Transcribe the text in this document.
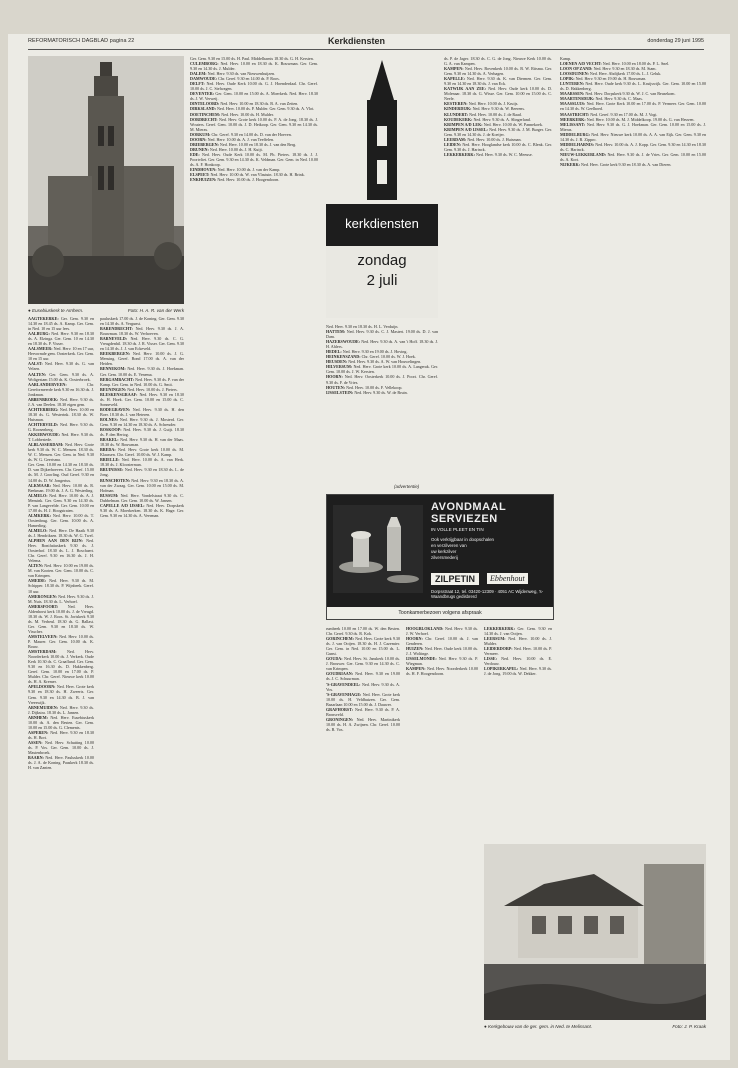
REFORMATORISCH DAGBLAD pagina 22	Kerkdiensten	donderdag 29 juni 1995
● Eusebiuskerk te Arnhem.	Foto: H. A. R. van der Werk
kerkdiensten
zondag
2 juli

AAGTEKERKE: Ger. Gem. 9.30 en 14.30 en 18.45 ds. A. Kamp. Ger. Gem. in Ned. 10 en 15 uur lees.

AALBURG: Ned. Herv. 9.30 en 18.30 ds. A. Elzinga. Ger. Gem. 10 en 14.30 en 18.30 ds. P. Visser.

AALSMEER: Ned. Herv. 10 en 17 uur, Hervormde gem. Oosterkerk. Ger. Gem. 10 en 15 uur.

AALST: Ned. Herv. 9.30 ds. G. van Velzen.

AALTEN: Ger. Gem. 9.30 ds. A. Woltgestam 15.00 ds. K. Oosterbroek.

AARLANDERVEEN:	Chr. Gereformeerde kerk 9.30 en 16.30 ds. J. Jonkman.

ABBENBROEK: Ned. Herv. 9.30 ds. J. A. van Deelen. 18.30 eigen gem.

ACHTERBERG: Ned. Herv. 10.00 en 18.30 ds. G. Westerink. 18.30 ds. W. Huisman.

ACHTERVELD: Ned. Herv. 9.30 ds. G. Roosenberg.

AKKERWOUDE: Ned. Herv. 9.30 ds. T. Lobbestede.

ALBLASSERDAM: Ned. Herv. Grote kerk 9.30 ds. W. C. Mensen. 18.30 ds. W. C. Mensen. Ger. Gem. in Ned. 9.30 ds. W. G. Geertsma.

Ger. Gem. 10.00 en 14.30 en 18.30 ds. D. van Dijkerhoeven. Chr. Geref. 15.00 ds. M. J. Goorling. Oud Geref. 9.30 en 14.00 ds. D. W. Jongerius.

ALKMAAR: Ned. Herv. 10.00 ds. R. Beekman. 19.00 ds. J. A. G. Westerling.

ALMELO: Ned. Herv. 10.00 ds. A. J. Mensink. Ger. Gem. 9.30 en 14.30 ds. P. van Langevelde. Ger. Gem. 10.00 en 17.00 ds. H. J. Hoogstraten.

ALMKERK: Ned. Herv. 10.00 ds. T. Oostenbrug. Ger. Gem. 10.00 ds. A. Hamerling.

ALMELO: Ned. Herv. De Haaik 9.30 ds. J. Hendriksen. 18.30 ds. W. G. Twel.

ALPHEN AAN DEN RIJN: Ned. Herv. Bonifatiuskerk 9.30 ds. J. Oosterhof. 18.30 ds. L. J. Boschaert. Chr. Geref. 9.30 en 16.30 ds. J. H. Velema.

ALTEN: Ned. Herv. 10.00 en 19.00 ds. M. van Kooten. Ger. Gem. 10.00 ds. C. van Krimpen.

AMEIDE: Ned. Herv. 9.30 ds. M. Schipper. 18.30 ds. P. Wijnbeek. Geref. 10 uur.

AMERONGEN: Ned. Herv. 9.30 ds. J. M. Nuis. 18.30 ds. L. Verhoef.

AMERSFOORT: Ned. Herv. Aldenhorst kerk 10.00 ds. J. de Vreugd. 18.30 ds. W. J. Roos. St. Joriskerk 9.30 ds. M. Verheul. 18.30 ds. G. Ballast. Ger. Gem. 9.30 en 18.30 ds. W. Visscher.

AMSTELVEEN: Ned. Herv. 10.00 ds. P. Maurer. Ger. Gem. 10.00 ds. K. Bouw.

AMSTERDAM:	Ned. Herv. Noorderkerk 10.00 ds. J. Verkerk. Oude Kerk 10.30 ds. C. Graafland. Ger. Gem. 9.30 en 16.30 ds. D. Hakkenberg. Geref. Gem. 10.00 en 17.00 ds. P. Mulder. Chr. Geref. Nieuwe kerk 10.00 ds. H. A. Kremer.

APELDOORN: Ned. Herv. Grote kerk 9.30 en 18.30 ds. H. Zweerts. Ger. Gem. 9.30 en 14.30 ds. B. J. van Vreeswijk.

ARNEMUIDEN: Ned. Herv. 9.30 ds. J. Dijkstra. 18.30 ds. L. Jansen.

ARNHEM: Ned. Herv. Eusebiuskerk 10.00 ds. A. den Besten. Ger. Gem. 10.00 en 15.00 ds. G. Clements.

ASPEREN: Ned. Herv. 9.30 en 18.30 ds. H. Bort.

ASSEN: Ned. Herv. Schutting 10.00 ds. P. Vos. Ger. Gem. 10.00 ds. J. Mastenbroek.

BAARN: Ned. Herv. Pauluskerk 10.00 ds. J. A. de Koning. Paaskerk 18.30 ds. H. van Zanten.

pauluskerk 17.00 ds. J. de Koning. Ger. Gem. 9.30 en 14.30 ds. A. Vergunst.

BARENDRECHT: Ned. Herv. 9.30 ds. J. A. Bouwman. 18.30 ds. W. Verhoeven.

BARNEVELD: Ned. Herv. 9.30 ds. C. G. Vreugdenhil. 18.30 ds. J. R. Visser. Ger. Gem. 9.30 en 14.30 ds. J. J. van Eckeveld.

BEEKBERGEN: Ned. Herv. 10.00 ds. J. G. Mensing. Geref. Bond 17.00 ds. A. van der Heiden.

BENNEKOM: Ned. Herv. 9.30 ds. J. Hoekman. Ger. Gem. 10.00 ds. E. Venema.

BERGAMBACHT: Ned. Herv. 9.30 ds. P. van der Kamp. Ger. Gem. in Ned. 10.00 ds. G. Smit.

BEUNINGEN: Ned. Herv. 10.00 ds. J. Pieters.

BLESKENSGRAAF: Ned. Herv. 9.30 en 18.30 ds. H. Hoek. Ger. Gem. 10.00 en 15.00 ds. C. Sonneveld.

BODEGRAVEN: Ned. Herv. 9.30 ds. H. den Boer. 18.30 ds. J. van Heteren.

BOLNES: Ned. Herv. 9.30 ds. J. Mosterd. Ger. Gem. 9.30 en 14.30 en 18.30 ds. A. Schreuder.

BOSKOOP: Ned. Herv. 9.30 ds. J. Guijt. 18.30 ds. P. den Hertog.

BRAKEL: Ned. Herv. 9.30 ds. H. van der Maas. 18.30 ds. W. Bouwman.

BREDA: Ned. Herv. Grote kerk 10.00 ds. M. Klaassen. Chr. Geref. 10.00 ds. W. J. Kamp.

BRIELLE: Ned. Herv. 10.00 ds. A. van Herk. 18.30 ds. J. Kloosterman.

BRUINISSE: Ned. Herv. 9.30 en 18.30 ds. L. de Jong.

BUNSCHOTEN: Ned. Herv. 9.30 en 18.30 ds. A. van der Zwaag. Ger. Gem. 10.00 en 15.00 ds. M. Hofman.

BUSSUM: Ned. Herv. Vondelstraat 9.30 ds. C. Dubbelman. Ger. Gem. 10.00 ds. W. Jansen.

CAPELLE A/D IJSSEL: Ned. Herv. Dorpskerk 9.30 ds. A. Moerkerken. 18.30 ds. K. Hage. Ger. Gem. 9.30 en 14.30 ds. A. Veerman.

Ger. Gem. 9.30 en 15.00 ds. H. Paul. Middelharnis 18.30 ds. G. H. Kersten.

CULEMBORG: Ned. Herv. 10.00 en 18.30 ds. K. Bouwman. Ger. Gem. 9.30 en 14.30 ds. J. Mulder.

DALEM: Ned. Herv. 9.30 ds. van Nieuwenhuijzen.

DAMWOUDE: Chr. Geref. 9.30 en 14.00 ds. P. Roos.

DELFT: Ned. Herv. Oude Kerk 10.00 ds. G. J. Hoenderdaal. Chr. Geref. 10.00 ds. J. C. Stelwagen.

DEVENTER: Ger. Gem. 10.00 en 15.00 ds. A. Moerkerk. Ned. Herv. 18.30 ds. J. W. Verweij.

DINTELOORD: Ned. Herv. 10.00 en 18.30 ds. B. A. van Zetten.

DIRKSLAND: Ned. Herv. 10.00 ds. P. Mulder. Ger. Gem. 9.30 ds. A. Vlot.

DOETINCHEM: Ned. Herv. 10.00 ds. H. Mulder.

DORDRECHT: Ned. Herv. Grote kerk 10.00 ds. P. A. de Jong. 18.30 ds. J. Wouters. Geref. Gem. 10.00 ds. J. D. Heikoop. Ger. Gem. 9.30 en 14.30 ds. M. Mieras.

DORKUM: Chr. Geref. 9.30 en 14.00 ds. D. van der Hoeven.

DOORN: Ned. Herv. 10.00 ds. A. J. van Teeffelen.

DRIEBERGEN: Ned. Herv. 10.00 en 18.30 ds. J. van den Berg.

DRUNEN: Ned. Herv. 10.00 ds. J. H. Kuijt.

EDE: Ned. Herv. Oude Kerk 10.00 ds. M. Ph. Pieters. 18.30 ds. J. J. Poortvliet. Ger. Gem. 9.30 en 14.30 ds. K. Veldman. Ger. Gem. in Ned. 10.00 ds. A. F. Honkoop.

EINDHOVEN: Ned. Herv. 10.00 ds. J. van der Kamp.

ELSPEET: Ned. Herv. 10.00 ds. W. van Vlastuin. 18.30 ds. H. Brink.

ENKHUIZEN: Ned. Herv. 10.00 ds. J. Hoogendoorn.

Ned. Herv. 9.30 en 18.30 ds. H. L. Verduijn.

HATTEM: Ned. Herv. 9.30 ds. C. J. Mastert. 19.00 ds. D. J. van Dam.

HAZERSWOUDE: Ned. Herv. 9.30 ds. A. van 't Hoff. 18.30 ds. J. H. Ahlers.

HEDEL: Ned. Herv. 9.30 en 19.00 ds. J. Hoving.

HEINKENSZAND: Chr. Geref. 10.00 ds. W. J. Hoek.

HEUSDEN: Ned. Herv. 9.30 ds. A. W. van Houwelingen.

HILVERSUM: Ned. Herv. Grote kerk 10.00 ds. A. Langerak. Ger. Gem. 10.00 ds. J. W. Kersten.

HOORN: Ned. Herv. Oosterkerk 10.00 ds. J. Poort. Chr. Geref. 9.30 ds. F. de Vries.

HOUTEN: Ned. Herv. 10.00 ds. F. Vellekoop.

IJSSELSTEIN: Ned. Herv. 9.30 ds. W. de Bruin.

ds. P. de Jager. 18.30 ds. C. G. de Jong. Nieuwe Kerk 10.00 ds. G. A. van Kampen.

KAMPEN: Ned. Herv. Bovenkerk 10.00 ds. B. W. Ritsma. Ger. Gem. 9.30 en 14.30 ds. A. Verhagen.

KAPELLE: Ned. Herv. 9.30 ds. K. van Diermen. Ger. Gem. 9.30 en 14.30 en 18.30 ds. J. van Eck.

KATWIJK AAN ZEE: Ned. Herv. Oude kerk 10.00 ds. D. Molenaar. 18.30 ds. G. Wisse. Ger. Gem. 10.00 en 15.00 ds. C. Neele.

KESTEREN: Ned. Herv. 10.00 ds. J. Kruijs.

KINDERDIJK: Ned. Herv. 9.30 ds. W. Beerens.

KLUNDERT: Ned. Herv. 10.00 ds. J. de Raad.

KOUDEKERK: Ned. Herv. 9.30 ds. A. Slingerland.

KRIMPEN A/D LEK: Ned. Herv. 10.00 ds. W. Pannekoek.

KRIMPEN A/D IJSSEL: Ned. Herv. 9.30 ds. J. M. Burger. Ger. Gem. 9.30 en 14.30 ds. J. de Koeijer.

LEERDAM: Ned. Herv. 10.00 ds. J. Huisman.

LEIDEN: Ned. Herv. Hooglandse kerk 10.00 ds. C. Blenk. Ger. Gem. 9.30 ds. J. Harinck.

LEKKERKERK: Ned. Herv. 9.30 ds. W. C. Meeuse.

Kamp.

LOENEN A/D VECHT: Ned. Herv. 10.00 en 18.00 ds. P. L. Snel.

LOON OP ZAND: Ned. Herv. 9.30 en 18.30 ds. M. Stam.

LOOSDUINEN: Ned. Herv. Abdijkerk 17.00 ds. L. J. Geluk.

LOPIK: Ned. Herv. 9.30 en 19.00 ds. H. Bouwman.

LUNTEREN: Ned. Herv. Oude kerk 9.30 ds. L. Kruijswijk. Ger. Gem. 10.00 en 15.00 ds. D. Hakkenberg.

MAARSSEN: Ned. Herv. Dorpskerk 9.30 ds. W. J. C. van Beusekom.

MAARTENSDIJK: Ned. Herv. 9.30 ds. C. Maas.

MAASSLUIS: Ned. Herv. Grote Kerk 10.00 en 17.00 ds. P. Vermeer. Ger. Gem. 10.00 en 14.30 ds. W. Geelhoed.

MAASTRICHT: Ned. Geref. 9.30 en 17.00 ds. M. J. Vogt.

MEERKERK: Ned. Herv. 10.00 ds. M. J. Middelkoop. 19.00 ds. G. van Heuven.

MELISSANT: Ned. Herv. 9.30 ds. G. J. Hoekman. Ger. Gem. 10.00 en 15.00 ds. J. Mieras.

MIDDELBURG: Ned. Herv. Nieuwe kerk 10.00 ds. A. A. van Eijk. Ger. Gem. 9.30 en 14.30 ds. J. B. Zippro.

MIDDELHARNIS: Ned. Herv. 10.00 ds. A. J. Kopp. Ger. Gem. 9.30 en 14.30 en 18.30 ds. C. Harinck.

NIEUW-LEKKERLAND: Ned. Herv. 9.30 ds. J. de Vries. Ger. Gem. 10.00 en 15.00 ds. A. Kort.

NIJKERK: Ned. Herv. Grote kerk 9.30 en 18.30 ds. A. van Dieren.

rumbeek 10.00 en 17.00 ds. W. den Besten. Chr. Geref. 9.30 ds. R. Kok.

GORINCHEM: Ned. Herv. Grote kerk 9.30 ds. J. van Ooijen. 18.30 ds. H. J. Cazemier. Ger. Gem. in Ned. 10.00 en 15.00 ds. L. Gunst.

GOUDA: Ned. Herv. St. Janskerk 10.00 ds. J. Brouwer. Ger. Gem. 9.30 en 14.30 ds. C. van Krimpen.

GOUDRIAAN: Ned. Herv. 9.30 en 19.00 ds. J. C. Schuurman.

'S-GRAVENDEEL: Ned. Herv. 9.30 ds. A. Vos.

'S-GRAVENHAGE: Ned. Herv. Grote kerk 10.00 ds. H. Veldhuizen. Ger. Gem. Bazarlaan 10.00 en 15.00 ds. J. Dauwer.

GRAFHORST: Ned. Herv. 9.30 ds. P. A. Bronsveld.

GRONINGEN: Ned. Herv. Martinikerk 10.00 ds. H. A. Zwijnen. Chr. Geref. 10.00 ds. B. Vos.

HOOGBLOKLAND: Ned. Herv. 9.30 ds. J. W. Verhoef.

HOORN: Chr. Geref. 10.00 ds. J. van Genderen.

HUIZEN: Ned. Herv. Oude kerk 10.00 ds. J. J. Woltinge.

IJSSELMONDE: Ned. Herv. 9.30 ds. P. Wiegman.

KAMPEN: Ned. Herv. Noorderkerk 10.00 ds. H. F. Hoogendoorn.

LEKKERKERK: Ger. Gem. 9.30 en 14.30 ds. J. van Ooijen.

LEERSUM: Ned. Herv. 10.00 ds. J. Mulder.

LEIDERDORP: Ned. Herv. 10.00 ds. P. Vermeer.

LISSE: Ned. Herv. 10.00 ds. E. Verdouw.

LOPIKERKAPEL: Ned. Herv. 9.30 ds. J. de Jong. 19.00 ds. W. Dekker.

(advertentie)
AVONDMAAL
SERVIEZEN
IN VOLLE PLEET EN TIN
Ook verkrijgbaar in doopschalen
en verzilveren van
uw kerkzilver
zilversmederij
ZILPETIN	Ebbenhout
Dorpsstraat 12, tel. 03420-12309 · 4051 AC Wijdenweg, 's-Waandbrugs gedisbrerd
Toonkamerbezoen volgens afspraak
● Kerkgebouw van de ger. gem. in Ned. te Melissant.	Foto: J. P. Kraak
